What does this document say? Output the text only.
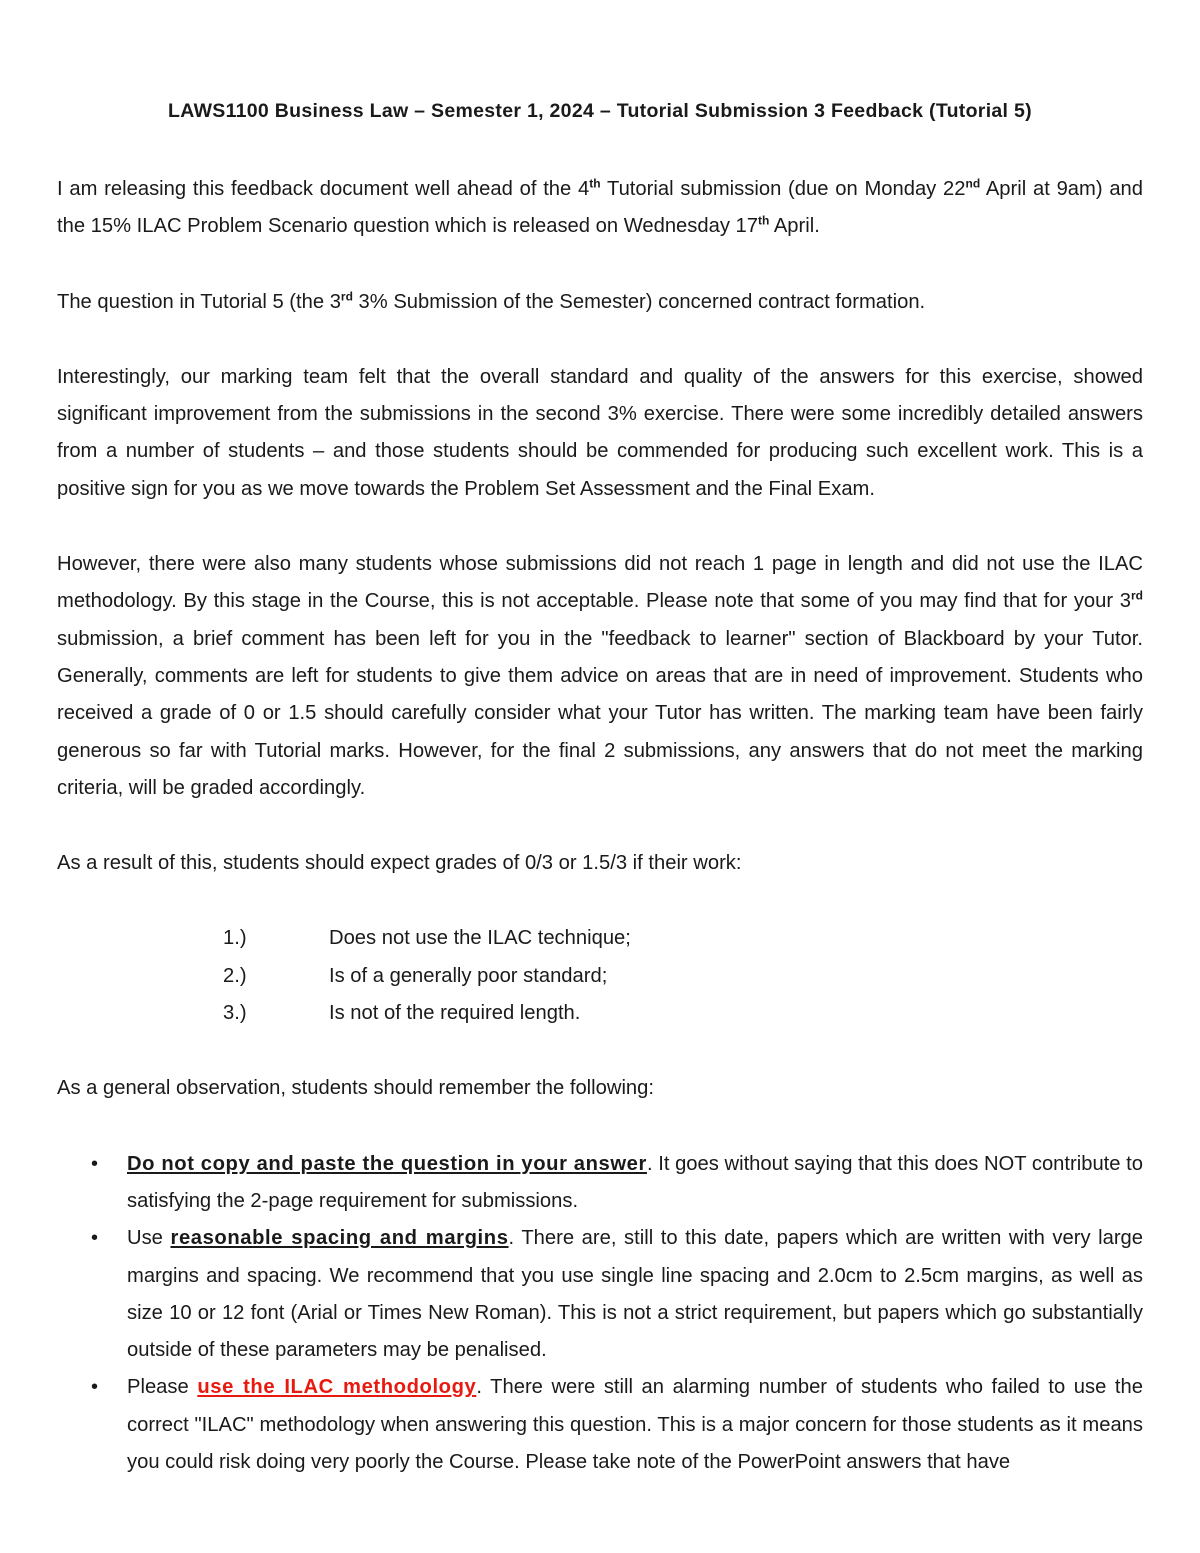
LAWS1100 Business Law – Semester 1, 2024 – Tutorial Submission 3 Feedback (Tutorial 5)

I am releasing this feedback document well ahead of the 4th Tutorial submission (due on Monday 22nd April at 9am) and the 15% ILAC Problem Scenario question which is released on Wednesday 17th April.

The question in Tutorial 5 (the 3rd 3% Submission of the Semester) concerned contract formation.

Interestingly, our marking team felt that the overall standard and quality of the answers for this exercise, showed significant improvement from the submissions in the second 3% exercise. There were some incredibly detailed answers from a number of students – and those students should be commended for producing such excellent work. This is a positive sign for you as we move towards the Problem Set Assessment and the Final Exam.

However, there were also many students whose submissions did not reach 1 page in length and did not use the ILAC methodology. By this stage in the Course, this is not acceptable. Please note that some of you may find that for your 3rd submission, a brief comment has been left for you in the "feedback to learner" section of Blackboard by your Tutor. Generally, comments are left for students to give them advice on areas that are in need of improvement. Students who received a grade of 0 or 1.5 should carefully consider what your Tutor has written. The marking team have been fairly generous so far with Tutorial marks. However, for the final 2 submissions, any answers that do not meet the marking criteria, will be graded accordingly.

As a result of this, students should expect grades of 0/3 or 1.5/3 if their work:

1.)	Does not use the ILAC technique;
2.)	Is of a generally poor standard;
3.)	Is not of the required length.

As a general observation, students should remember the following:

• Do not copy and paste the question in your answer. It goes without saying that this does NOT contribute to satisfying the 2-page requirement for submissions.
• Use reasonable spacing and margins. There are, still to this date, papers which are written with very large margins and spacing. We recommend that you use single line spacing and 2.0cm to 2.5cm margins, as well as size 10 or 12 font (Arial or Times New Roman). This is not a strict requirement, but papers which go substantially outside of these parameters may be penalised.
• Please use the ILAC methodology. There were still an alarming number of students who failed to use the correct "ILAC" methodology when answering this question. This is a major concern for those students as it means you could risk doing very poorly the Course. Please take note of the PowerPoint answers that have
